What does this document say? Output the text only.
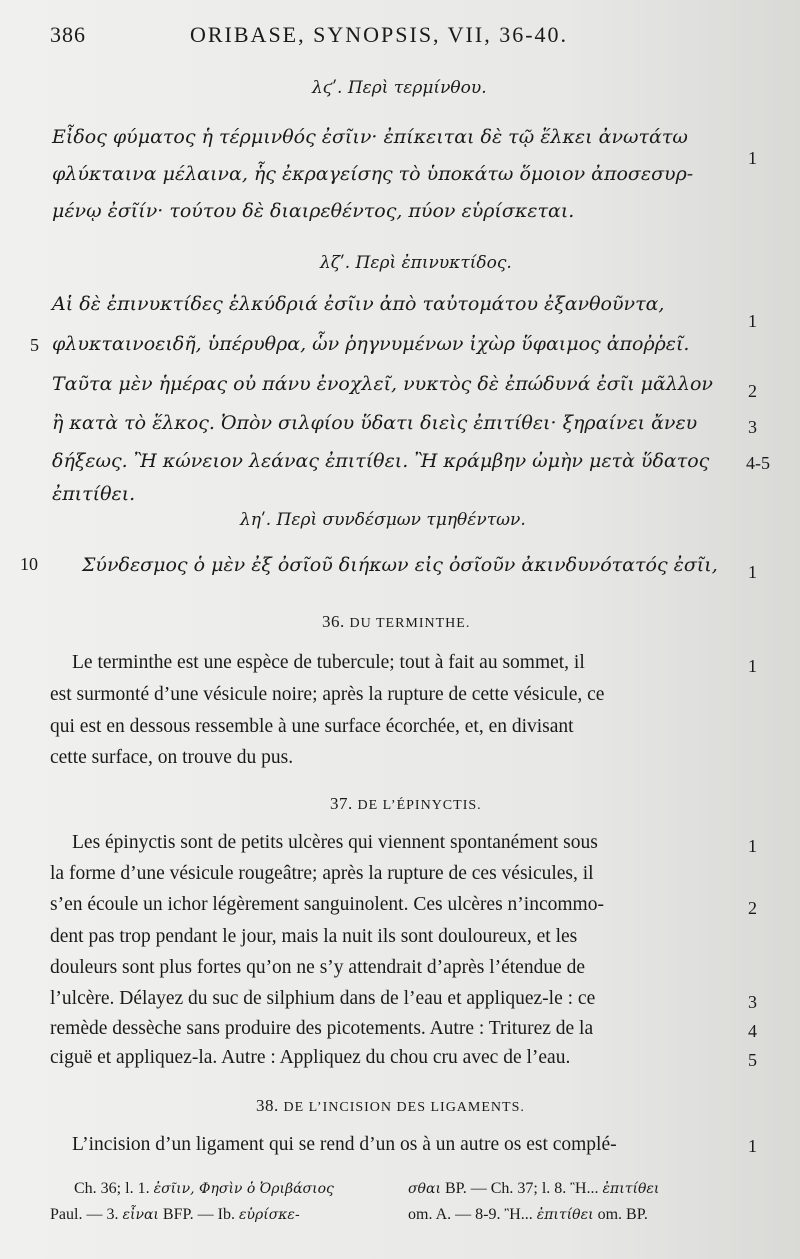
386	ORIBASE, SYNOPSIS, VII, 36-40.
λϛʹ. Περὶ τερμίνθου.
Εἶδος φύματος ἡ τέρμινθός ἐσῖιν· ἐπίκειται δὲ τῷ ἕλκει ἀνωτάτω
φλύκταινα μέλαινα, ἧς ἐκραγείσης τὸ ὑποκάτω ὅμοιον ἀποσεσυρ-
μένῳ ἐσῖίν· τούτου δὲ διαιρεθέντος, πύον εὑρίσκεται.
1
λζʹ. Περὶ ἐπινυκτίδος.
Αἱ δὲ ἐπινυκτίδες ἑλκύδριά ἐσῖιν ἀπὸ ταὐτομάτου ἐξανθοῦντα,
φλυκταινοειδῆ, ὑπέρυθρα, ὧν ῥηγνυμένων ἰχὼρ ὕφαιμος ἀποῤῥεῖ.
Ταῦτα μὲν ἡμέρας οὐ πάνυ ἐνοχλεῖ, νυκτὸς δὲ ἐπώδυνά ἐσῖι μᾶλλον
ἢ κατὰ τὸ ἕλκος. Ὀπὸν σιλφίου ὕδατι διεὶς ἐπιτίθει· ξηραίνει ἄνευ
δήξεως. Ἢ κώνειον λεάνας ἐπιτίθει. Ἢ κράμβην ὠμὴν μετὰ ὕδατος
ἐπιτίθει.
1
2
3
4-5
5
ληʹ. Περὶ συνδέσμων τμηθέντων.
Σύνδεσμος ὁ μὲν ἐξ ὀσῖοῦ διήκων εἰς ὀσῖοῦν ἀκινδυνότατός ἐσῖι, 1
10
36. DU TERMINTHE.
Le terminthe est une espèce de tubercule; tout à fait au sommet, il
est surmonté d’une vésicule noire; après la rupture de cette vésicule, ce
qui est en dessous ressemble à une surface écorchée, et, en divisant
cette surface, on trouve du pus.
1
37. DE L’ÉPINYCTIS.
Les épinyctis sont de petits ulcères qui viennent spontanément sous
la forme d’une vésicule rougeâtre; après la rupture de ces vésicules, il
s’en écoule un ichor légèrement sanguinolent. Ces ulcères n’incommo-
dent pas trop pendant le jour, mais la nuit ils sont douloureux, et les
douleurs sont plus fortes qu’on ne s’y attendrait d’après l’étendue de
l’ulcère. Délayez du suc de silphium dans de l’eau et appliquez-le : ce
remède dessèche sans produire des picotements. Autre : Triturez de la
ciguë et appliquez-la. Autre : Appliquez du chou cru avec de l’eau.
1
2
3
4
5
38. DE L’INCISION DES LIGAMENTS.
L’incision d’un ligament qui se rend d’un os à un autre os est complé-	1
Ch. 36; l. 1. ἐσῖιν, Φησὶν ὁ Ὀριβάσιος
Paul. — 3. εἶναι BFP. — Ib. εὑρίσκε-
σθαι BP. — Ch. 37; l. 8. Ἢ... ἐπιτίθει
om. A. — 8-9. Ἢ... ἐπιτίθει om. BP.
